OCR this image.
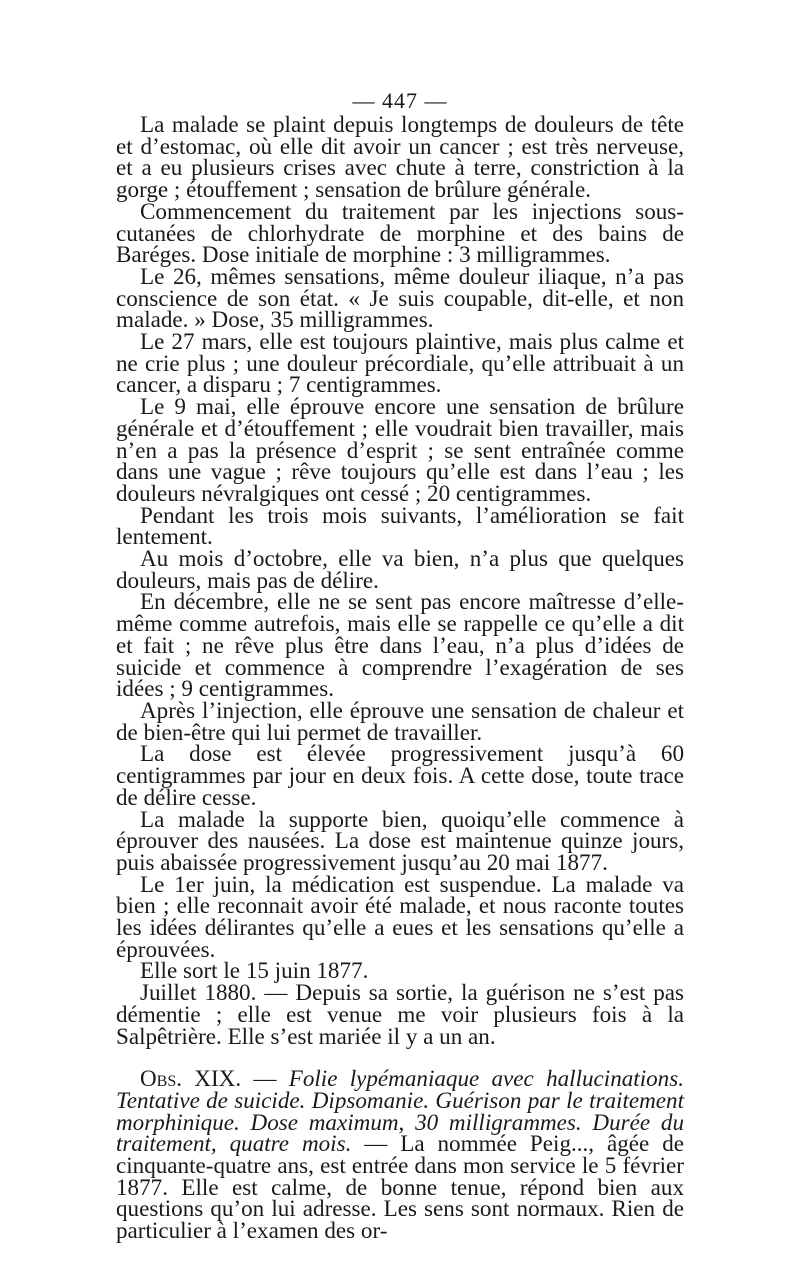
— 447 —

La malade se plaint depuis longtemps de douleurs de tête et d’estomac, où elle dit avoir un cancer ; est très nerveuse, et a eu plusieurs crises avec chute à terre, constriction à la gorge ; étouffement ; sensation de brûlure générale.

Commencement du traitement par les injections sous-cutanées de chlorhydrate de morphine et des bains de Baréges. Dose initiale de morphine : 3 milligrammes.

Le 26, mêmes sensations, même douleur iliaque, n’a pas conscience de son état. « Je suis coupable, dit-elle, et non malade. » Dose, 35 milligrammes.

Le 27 mars, elle est toujours plaintive, mais plus calme et ne crie plus ; une douleur précordiale, qu’elle attribuait à un cancer, a disparu ; 7 centigrammes.

Le 9 mai, elle éprouve encore une sensation de brûlure générale et d’étouffement ; elle voudrait bien travailler, mais n’en a pas la présence d’esprit ; se sent entraînée comme dans une vague ; rêve toujours qu’elle est dans l’eau ; les douleurs névralgiques ont cessé ; 20 centigrammes.

Pendant les trois mois suivants, l’amélioration se fait lentement.

Au mois d’octobre, elle va bien, n’a plus que quelques douleurs, mais pas de délire.

En décembre, elle ne se sent pas encore maîtresse d’elle-même comme autrefois, mais elle se rappelle ce qu’elle a dit et fait ; ne rêve plus être dans l’eau, n’a plus d’idées de suicide et commence à comprendre l’exagération de ses idées ; 9 centigrammes.

Après l’injection, elle éprouve une sensation de chaleur et de bien-être qui lui permet de travailler.

La dose est élevée progressivement jusqu’à 60 centigrammes par jour en deux fois. A cette dose, toute trace de délire cesse.

La malade la supporte bien, quoiqu’elle commence à éprouver des nausées. La dose est maintenue quinze jours, puis abaissée progressivement jusqu’au 20 mai 1877.

Le 1er juin, la médication est suspendue. La malade va bien ; elle reconnait avoir été malade, et nous raconte toutes les idées délirantes qu’elle a eues et les sensations qu’elle a éprouvées.

Elle sort le 15 juin 1877.

Juillet 1880. — Depuis sa sortie, la guérison ne s’est pas démentie ; elle est venue me voir plusieurs fois à la Salpêtrière. Elle s’est mariée il y a un an.

Obs. XIX. — Folie lypémaniaque avec hallucinations. Tentative de suicide. Dipsomanie. Guérison par le traitement morphinique. Dose maximum, 30 milligrammes. Durée du traitement, quatre mois. — La nommée Peig..., âgée de cinquante-quatre ans, est entrée dans mon service le 5 février 1877. Elle est calme, de bonne tenue, répond bien aux questions qu’on lui adresse. Les sens sont normaux. Rien de particulier à l’examen des or-
